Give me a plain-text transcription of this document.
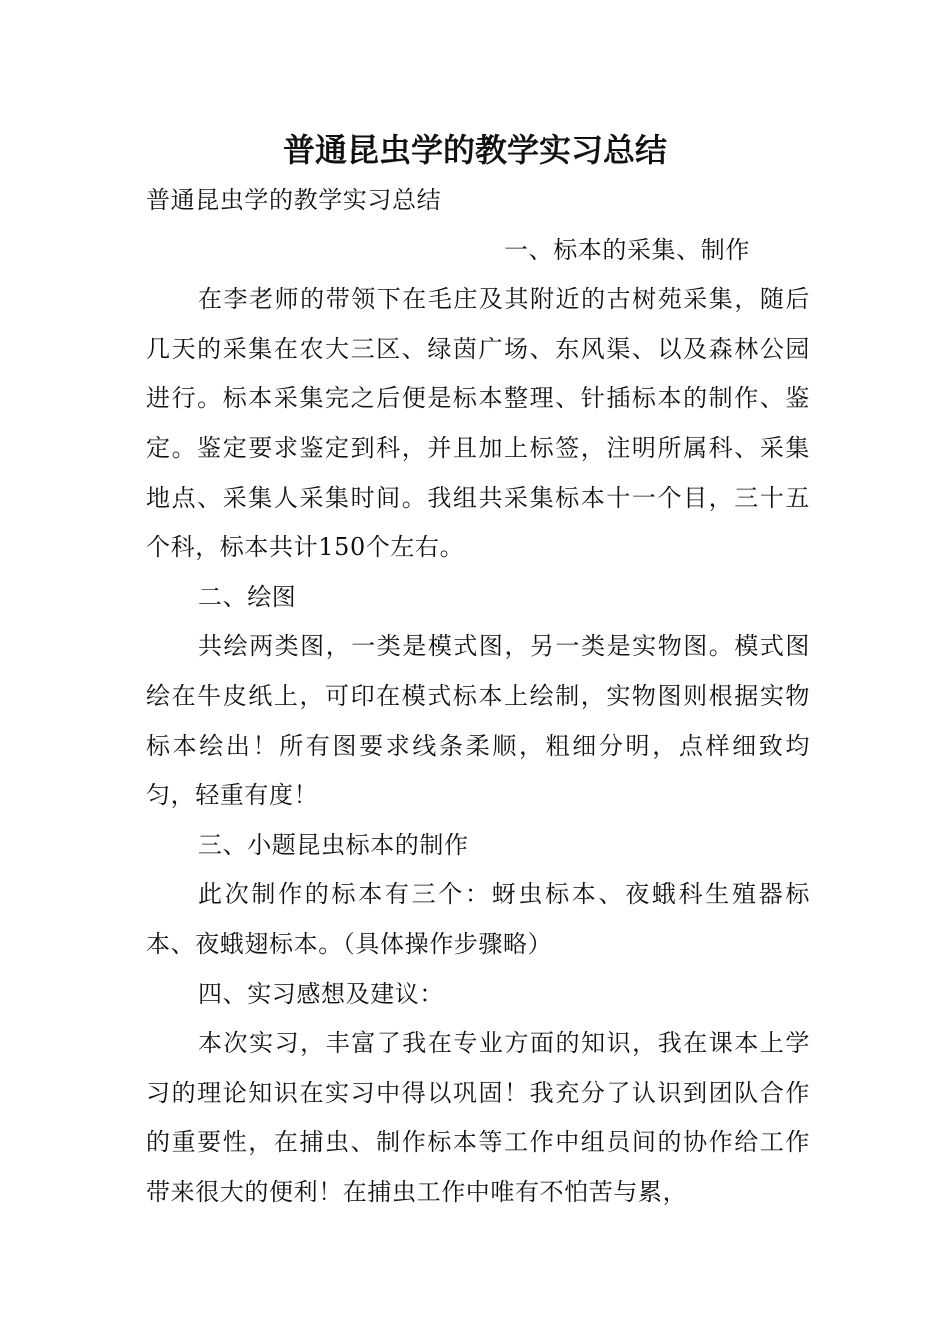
普通昆虫学的教学实习总结

普通昆虫学的教学实习总结

一、标本的采集、制作

在李老师的带领下在毛庄及其附近的古树苑采集，随后几天的采集在农大三区、绿茵广场、东风渠、以及森林公园进行。标本采集完之后便是标本整理、针插标本的制作、鉴定。鉴定要求鉴定到科，并且加上标签，注明所属科、采集地点、采集人采集时间。我组共采集标本十一个目，三十五个科，标本共计150个左右。

二、绘图

共绘两类图，一类是模式图，另一类是实物图。模式图绘在牛皮纸上，可印在模式标本上绘制，实物图则根据实物标本绘出！所有图要求线条柔顺，粗细分明，点样细致均匀，轻重有度！

三、小题昆虫标本的制作

此次制作的标本有三个：蚜虫标本、夜蛾科生殖器标本、夜蛾翅标本。（具体操作步骤略）

四、实习感想及建议：

本次实习，丰富了我在专业方面的知识，我在课本上学习的理论知识在实习中得以巩固！我充分了认识到团队合作的重要性，在捕虫、制作标本等工作中组员间的协作给工作带来很大的便利！在捕虫工作中唯有不怕苦与累，
